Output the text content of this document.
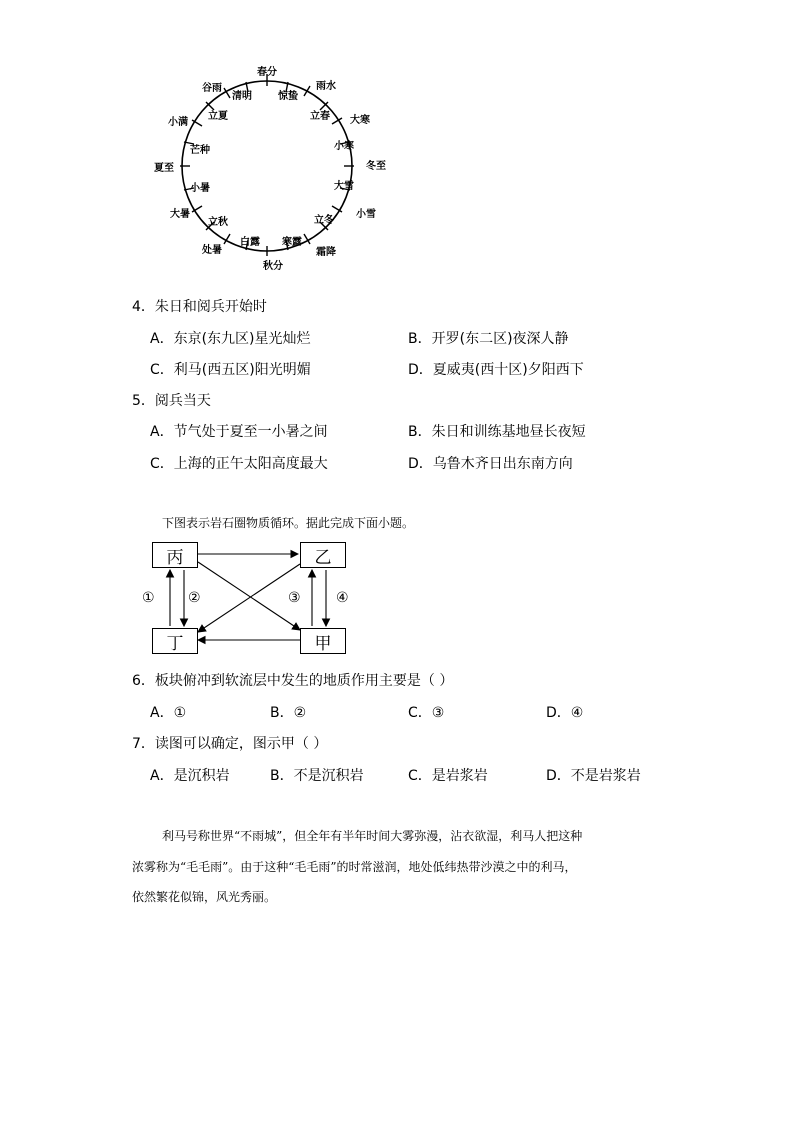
春分
雨水
大寒
冬至
小雪
霜降
秋分
处暑
大暑
夏至
小满
谷雨
惊蛰
立春
小寒
大雪
立冬
寒露
白露
立秋
小暑
芒种
立夏
清明
4．朱日和阅兵开始时
A．东京(东九区)星光灿烂	B．开罗(东二区)夜深人静
C．利马(西五区)阳光明媚	D．夏威夷(西十区)夕阳西下
5．阅兵当天
A．节气处于夏至一小暑之间	B．朱日和训练基地昼长夜短
C．上海的正午太阳高度最大	D．乌鲁木齐日出东南方向
下图表示岩石圈物质循环。据此完成下面小题。
丙	乙
丁	甲
① ②	③	④
6．板块俯冲到软流层中发生的地质作用主要是（ ）
A．①	B．②	C．③	D．④
7．读图可以确定，图示甲（ ）
A．是沉积岩	B．不是沉积岩	C．是岩浆岩	D．不是岩浆岩
利马号称世界“不雨城”，但全年有半年时间大雾弥漫，沾衣欲湿，利马人把这种
浓雾称为“毛毛雨”。由于这种“毛毛雨”的时常滋润，地处低纬热带沙漠之中的利马，
依然繁花似锦，风光秀丽。
